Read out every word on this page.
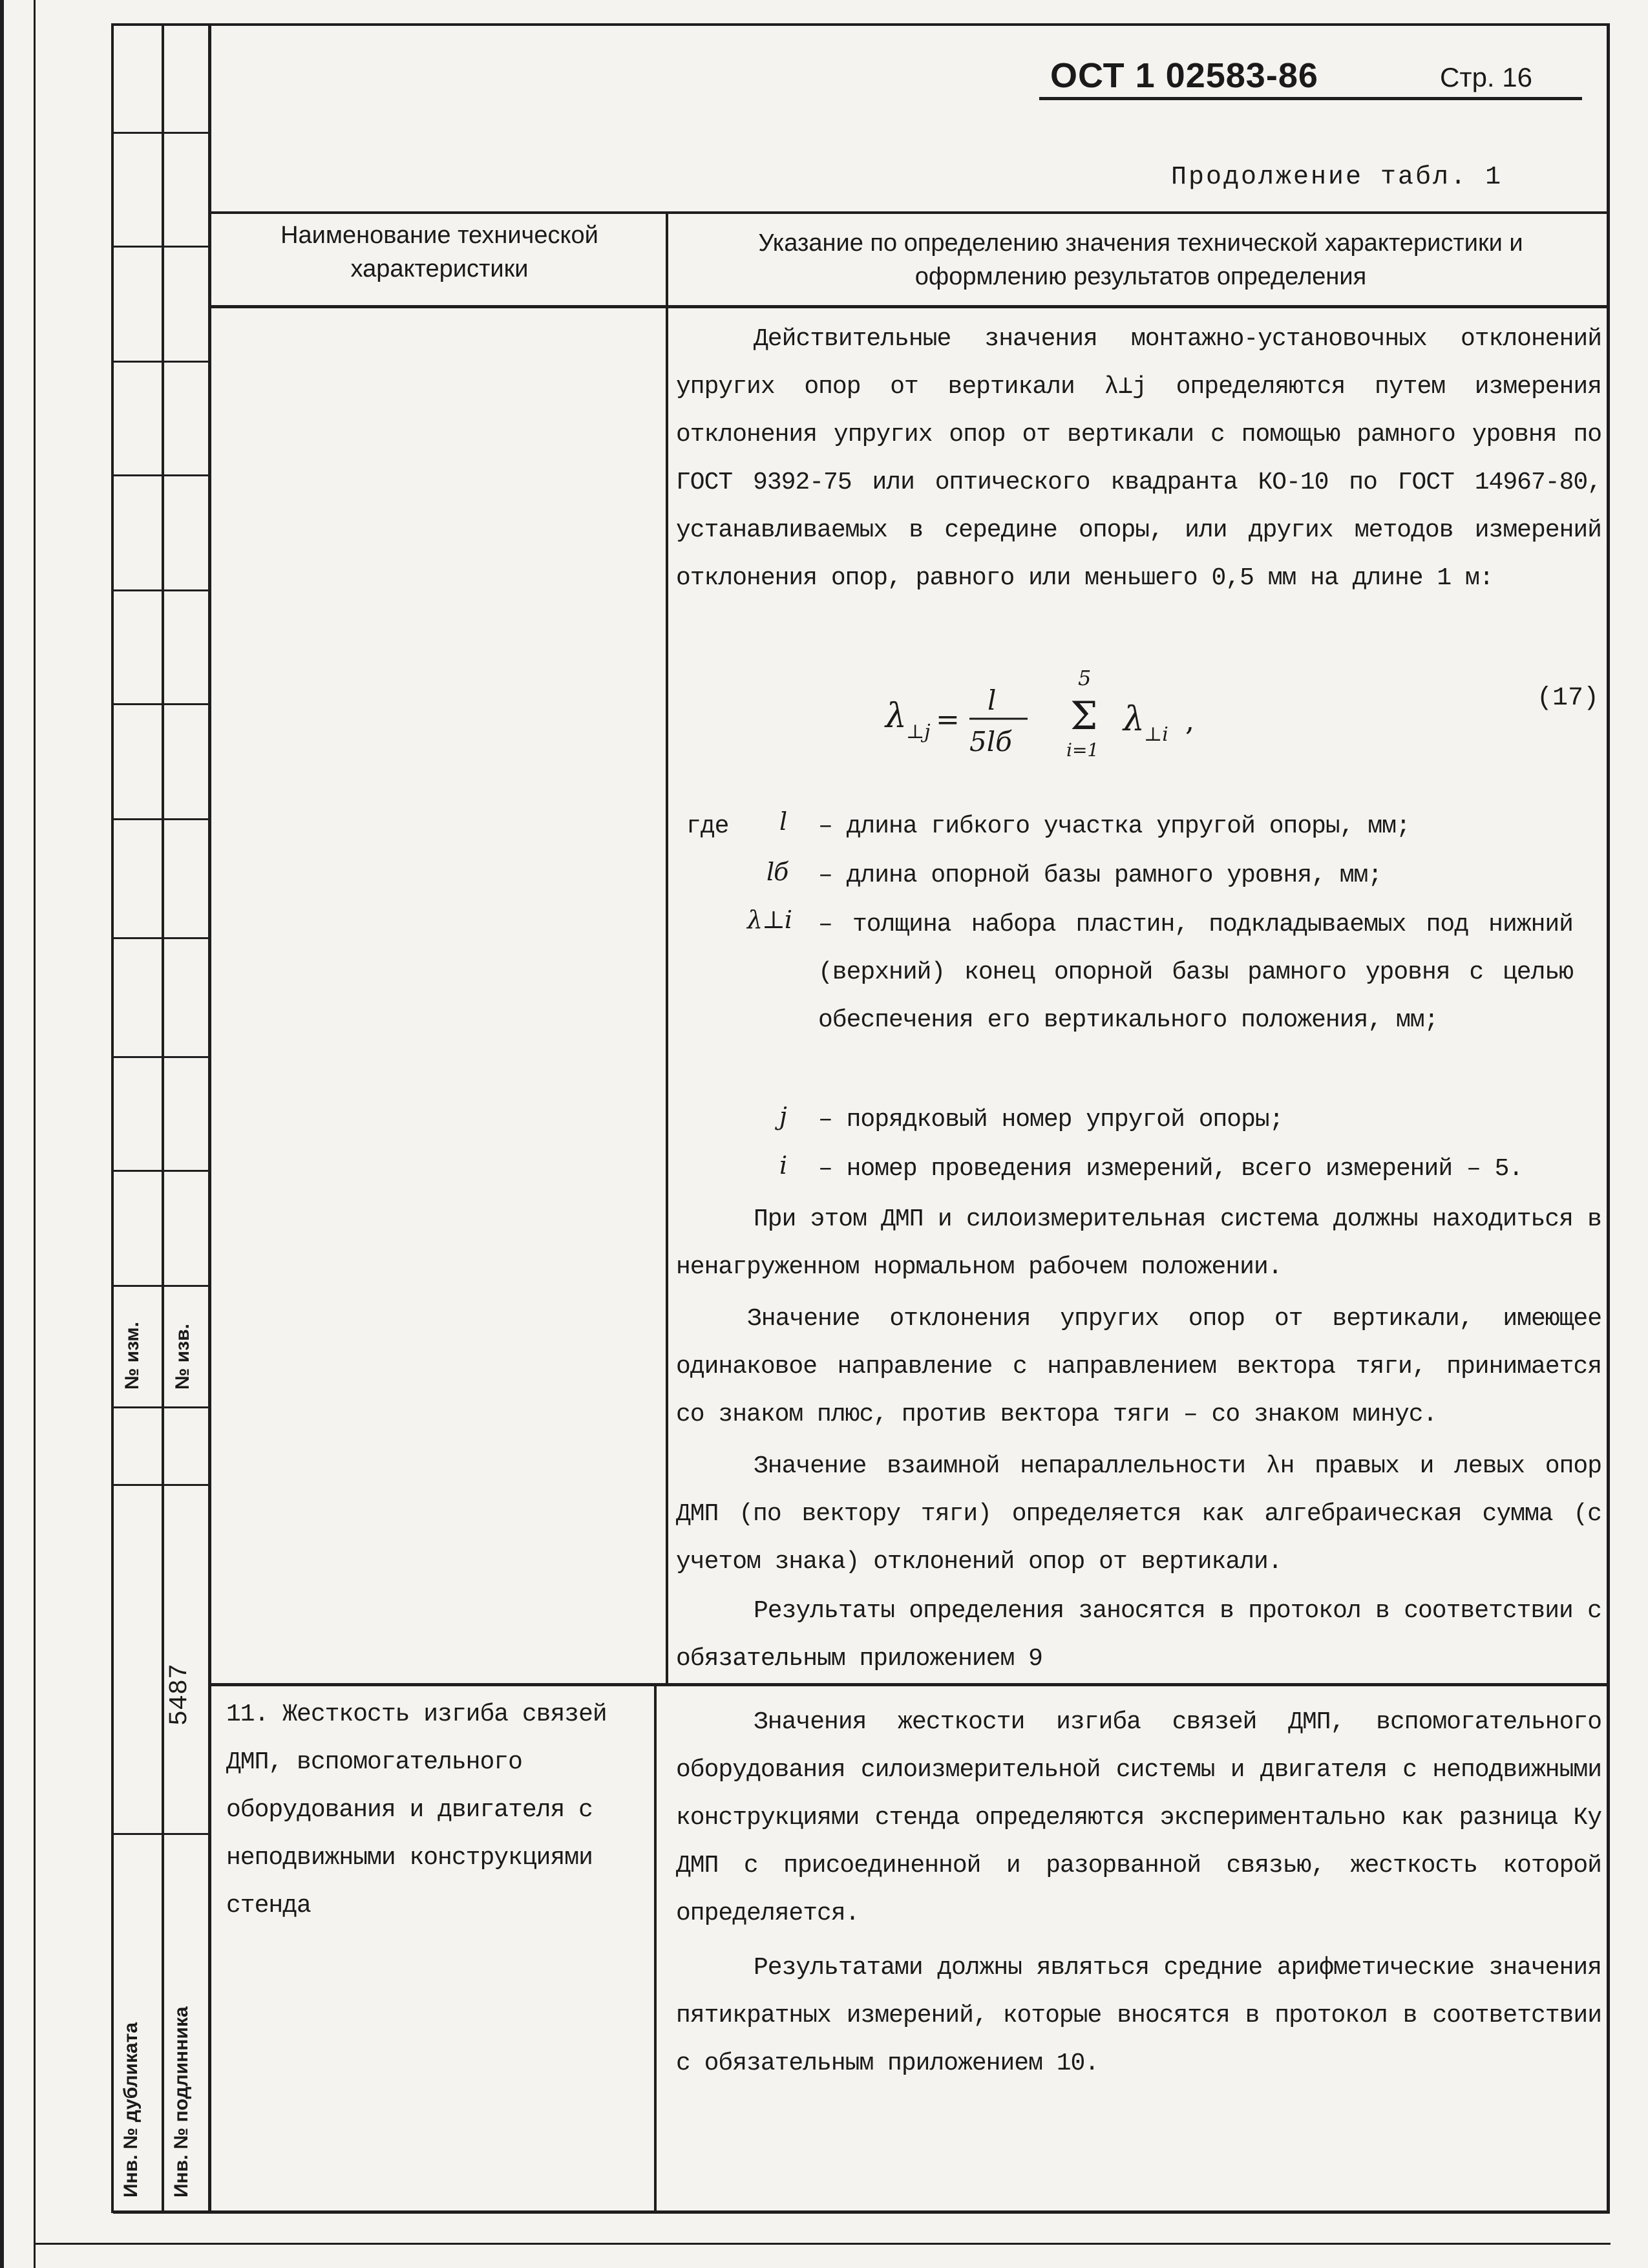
№ изм. № изв.
5487
Инв. № дубликата Инв. № подлинника
ОСТ 1 02583-86	Стр. 16
Продолжение табл. 1
Наименование технической характеристики
Указание по определению значения технической характеристики и оформлению результатов определения
Действительные значения монтажно-установочных отклонений упругих опор от вертикали λ⊥j определяются путем измерения отклонения упругих опор от вертикали с помощью рамного уровня по ГОСТ 9392-75 или оптического квадранта КО-10 по ГОСТ 14967-80, устанавливаемых в середине опоры, или других методов измерений отклонения опор, равного или меньшего 0,5 мм на длине 1 м:
λ ⊥j =
l
5lб
5
Σ
i=1
λ ⊥i ,
(17)
где l – длина гибкого участка упругой опоры, мм;
lб – длина опорной базы рамного уровня, мм;
λ⊥i – толщина набора пластин, подкладываемых под нижний (верхний) конец опорной базы рамного уровня с целью обеспечения его вертикального положения, мм;
j – порядковый номер упругой опоры;
i – номер проведения измерений, всего измерений – 5.
При этом ДМП и силоизмерительная система должны находиться в ненагруженном нормальном рабочем положении.
Значение отклонения упругих опор от вертикали, имеющее одинаковое направление с направлением вектора тяги, принимается со знаком плюс, против вектора тяги – со знаком минус.
Значение взаимной непараллельности λн правых и левых опор ДМП (по вектору тяги) определяется как алгебраическая сумма (с учетом знака) отклонений опор от вертикали.
Результаты определения заносятся в протокол в соответствии с обязательным приложением 9
11. Жесткость изгиба связей ДМП, вспомогательного оборудования и двигателя с неподвижными конструкциями стенда
Значения жесткости изгиба связей ДМП, вспомогательного оборудования силоизмерительной системы и двигателя с неподвижными конструкциями стенда определяются экспериментально как разница Ку ДМП с присоединенной и разорванной связью, жесткость которой определяется.
Результатами должны являться средние арифметические значения пятикратных измерений, которые вносятся в протокол в соответствии с обязательным приложением 10.
